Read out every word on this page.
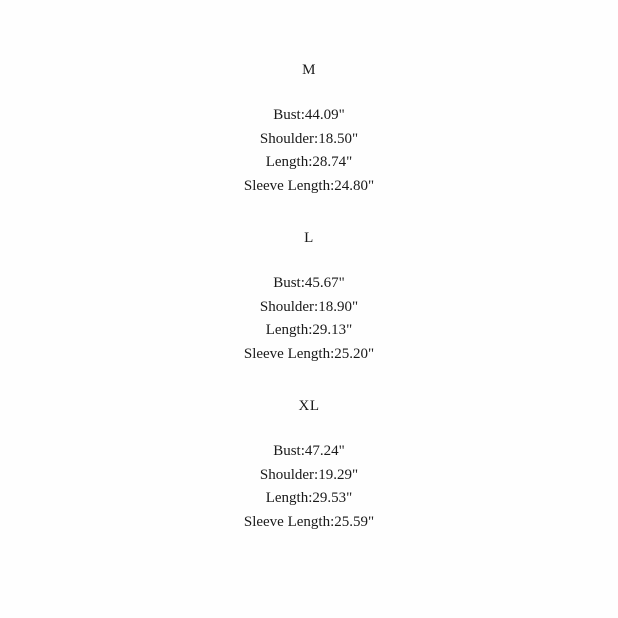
M
Bust:44.09"
Shoulder:18.50"
Length:28.74"
Sleeve Length:24.80"
L
Bust:45.67"
Shoulder:18.90"
Length:29.13"
Sleeve Length:25.20"
XL
Bust:47.24"
Shoulder:19.29"
Length:29.53"
Sleeve Length:25.59"
